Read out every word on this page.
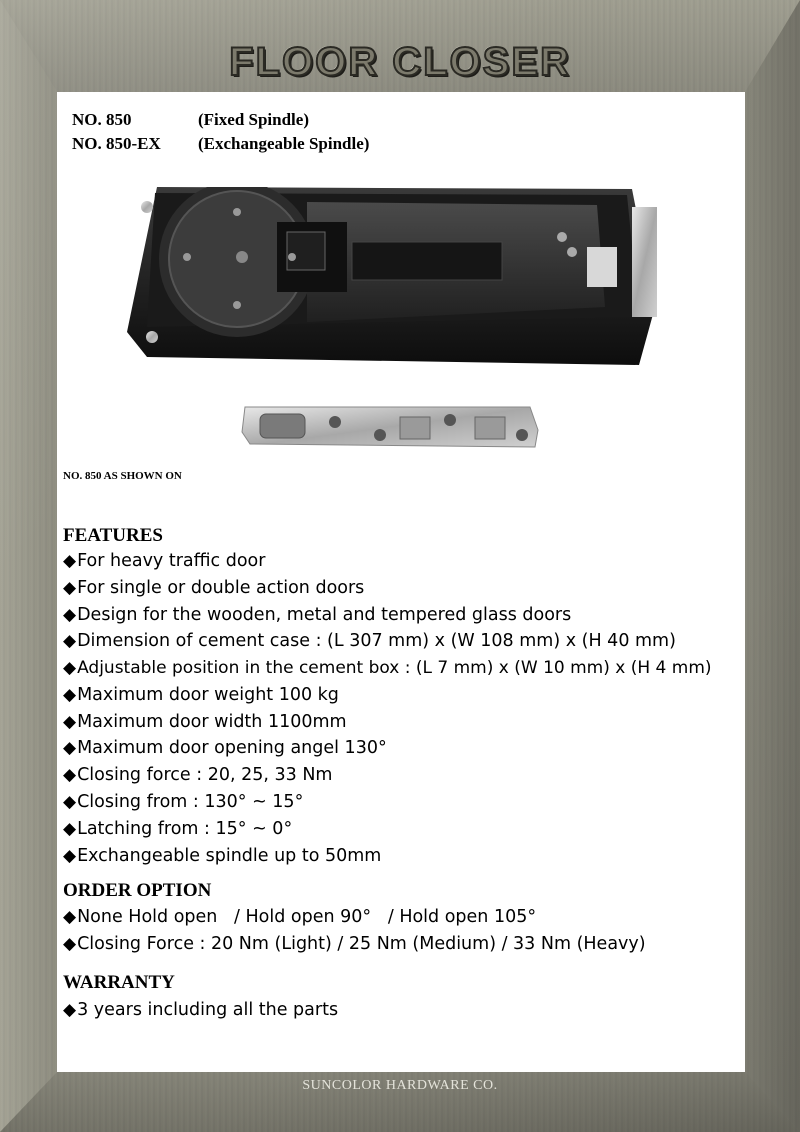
FLOOR CLOSER
NO. 850	(Fixed Spindle)
NO. 850-EX (Exchangeable Spindle)
NO. 850 AS SHOWN ON
FEATURES
◆For heavy traffic door
◆For single or double action doors
◆Design for the wooden, metal and tempered glass doors
◆Dimension of cement case : (L 307 mm) x (W 108 mm) x (H 40 mm)
◆Adjustable position in the cement box : (L 7 mm) x (W 10 mm) x (H 4 mm)
◆Maximum door weight 100 kg
◆Maximum door width 1100mm
◆Maximum door opening angel 130°
◆Closing force : 20, 25, 33 Nm
◆Closing from : 130° ~ 15°
◆Latching from : 15° ~ 0°
◆Exchangeable spindle up to 50mm
ORDER OPTION
◆None Hold open   / Hold open 90°   / Hold open 105°
◆Closing Force : 20 Nm (Light) / 25 Nm (Medium) / 33 Nm (Heavy)
WARRANTY
◆3 years including all the parts
SUNCOLOR HARDWARE CO.
